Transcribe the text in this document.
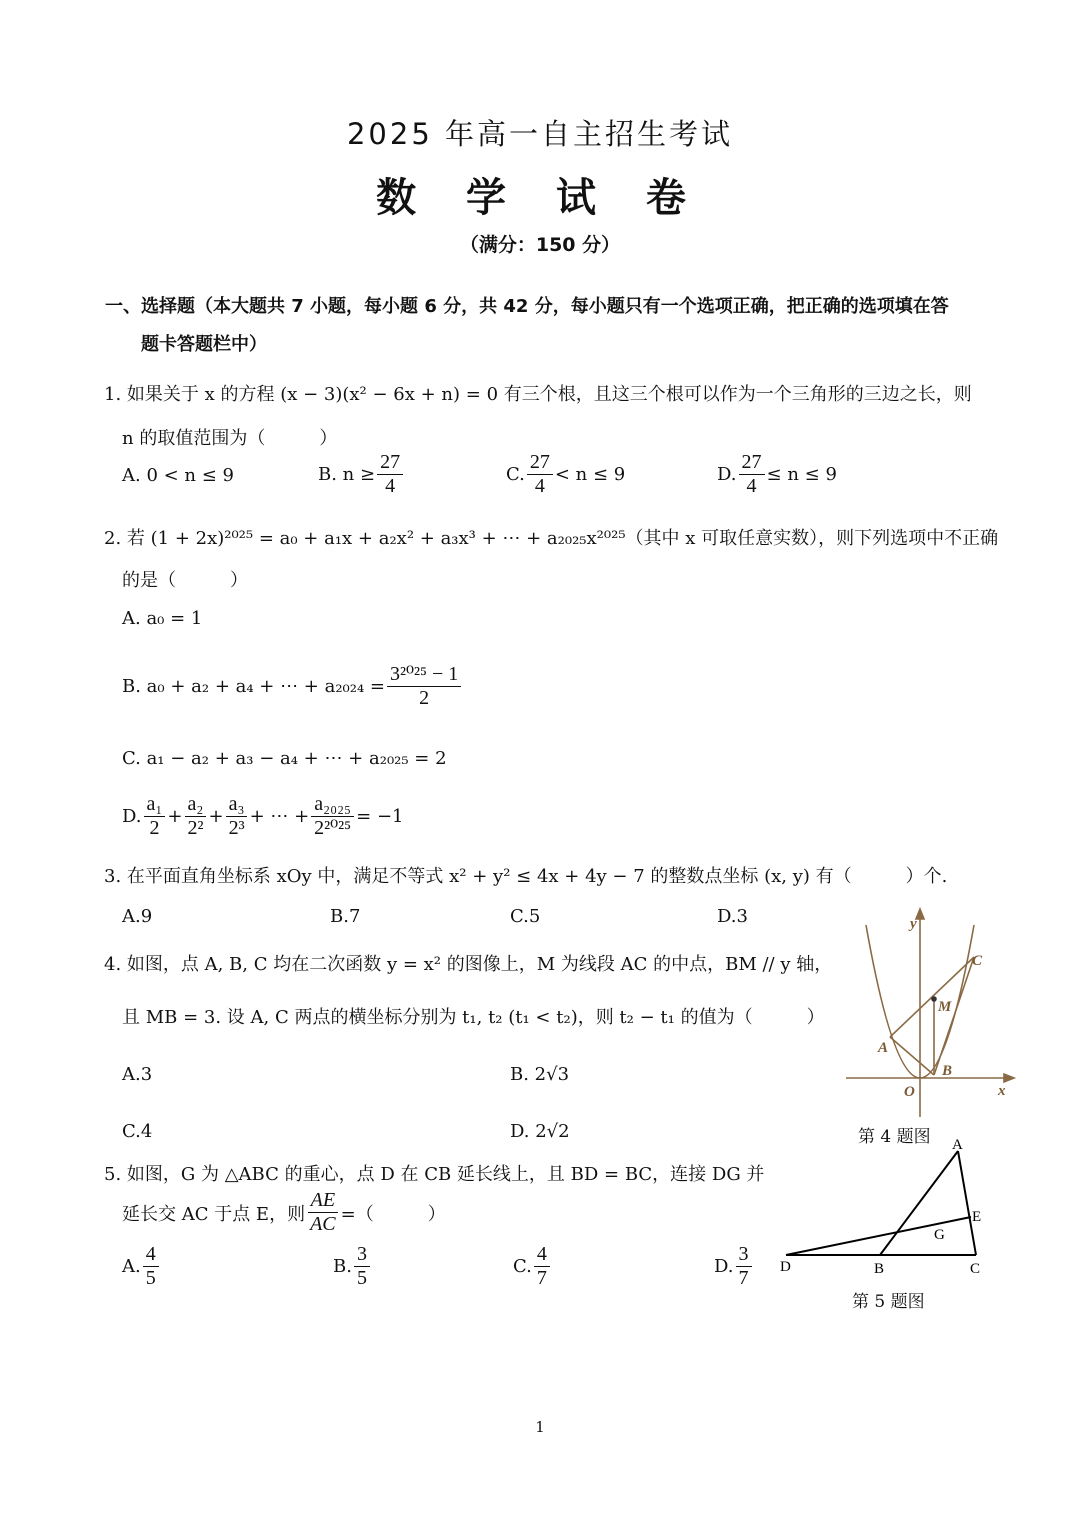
2025 年高一自主招生考试
数 学 试 卷
（满分：150 分）
一、选择题（本大题共 7 小题，每小题 6 分，共 42 分，每小题只有一个选项正确，把正确的选项填在答
题卡答题栏中）
1. 如果关于 x 的方程 (x − 3)(x² − 6x + n) = 0 有三个根，且这三个根可以作为一个三角形的三边之长，则
n 的取值范围为（　　　）
A. 0 < n ≤ 9	B. $n \ge \frac{27}{4}$	C. $\frac{27}{4} < n \le 9$	D. $\frac{27}{4} \le n \le 9$
2. 若 (1 + 2x)²⁰²⁵ = a₀ + a₁x + a₂x² + a₃x³ + ⋯ + a₂₀₂₅x²⁰²⁵（其中 x 可取任意实数），则下列选项中不正确
的是（　　　）
A. a₀ = 1
B. a₀ + a₂ + a₄ + ⋯ + $a_{2024} = \frac{\text{3²⁰²⁵ − 1}}{2}$
C. a₁ − a₂ + a₃ − a₄ + ⋯ + a₂₀₂₅ = 2
D. $\frac{\text{a₁}}{2} + \frac{\text{a₂}}{\text{2²}} + \frac{\text{a₃}}{\text{2³}}$ + ⋯ + $\frac{\text{a₂₀₂₅}}{\text{2²⁰²⁵}} = -1$
3. 在平面直角坐标系 xOy 中，满足不等式 x² + y² ≤ 4x + 4y − 7 的整数点坐标 (x, y) 有（　　　）个.
A.9	B.7	C.5	D.3
4. 如图，点 A, B, C 均在二次函数 y = x² 的图像上，M 为线段 AC 的中点，BM // y 轴，
且 MB = 3. 设 A, C 两点的横坐标分别为 t₁, t₂ (t₁ < t₂)，则 t₂ − t₁ 的值为（　　　）
A.3	B. 2√3
C.4	D. 2√2
y
x
O
A
B
C
M
第 4 题图
5. 如图，G 为 △ABC 的重心，点 D 在 CB 延长线上，且 BD = BC，连接 DG 并
延长交 AC 于点 E，则 $\frac{AE}{AC}$ =（　　　）
A. $\frac{4}{5}$	B. $\frac{3}{5}$	C. $\frac{4}{7}$	D. $\frac{3}{7}$
A
B	C
D
E
G
第 5 题图
1
